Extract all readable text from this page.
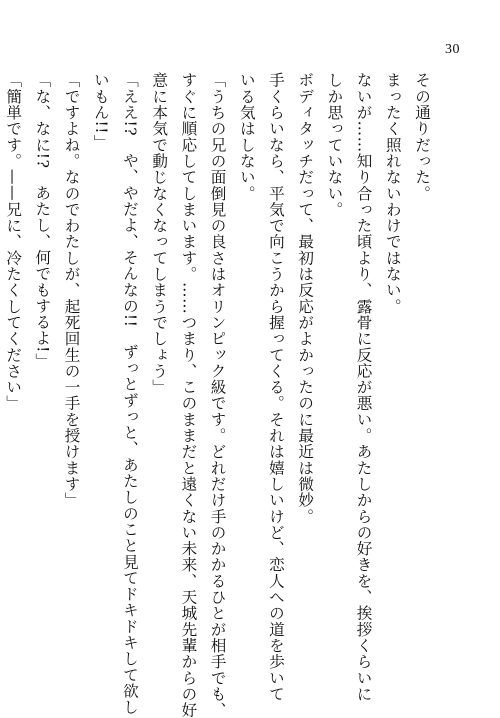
30
その通りだった。
まったく照れないわけではない。
ないが……知り合った頃より、露骨に反応が悪い。あたしからの好きを、挨拶くらいに
しか思っていない。
ボディタッチだって、最初は反応がよかったのに最近は微妙。
手くらいなら、平気で向こうから握ってくる。それは嬉しいけど、恋人への道を歩いて
いる気はしない。
「うちの兄の面倒見の良さはオリンピック級です。どれだけ手のかかるひとが相手でも、
すぐに順応してしまいます。……つまり、このままだと遠くない未来、天城先輩からの好
意に本気で動じなくなってしまうでしょう」
「ええ!?　や、やだよ、そんなの!!　ずっとずっと、あたしのこと見てドキドキして欲し
いもん!!」
「ですよね。なのでわたしが、起死回生の一手を授けます」
「な、なに!?　あたし、何でもするよ!」
「簡単です。——兄に、冷たくしてください」
